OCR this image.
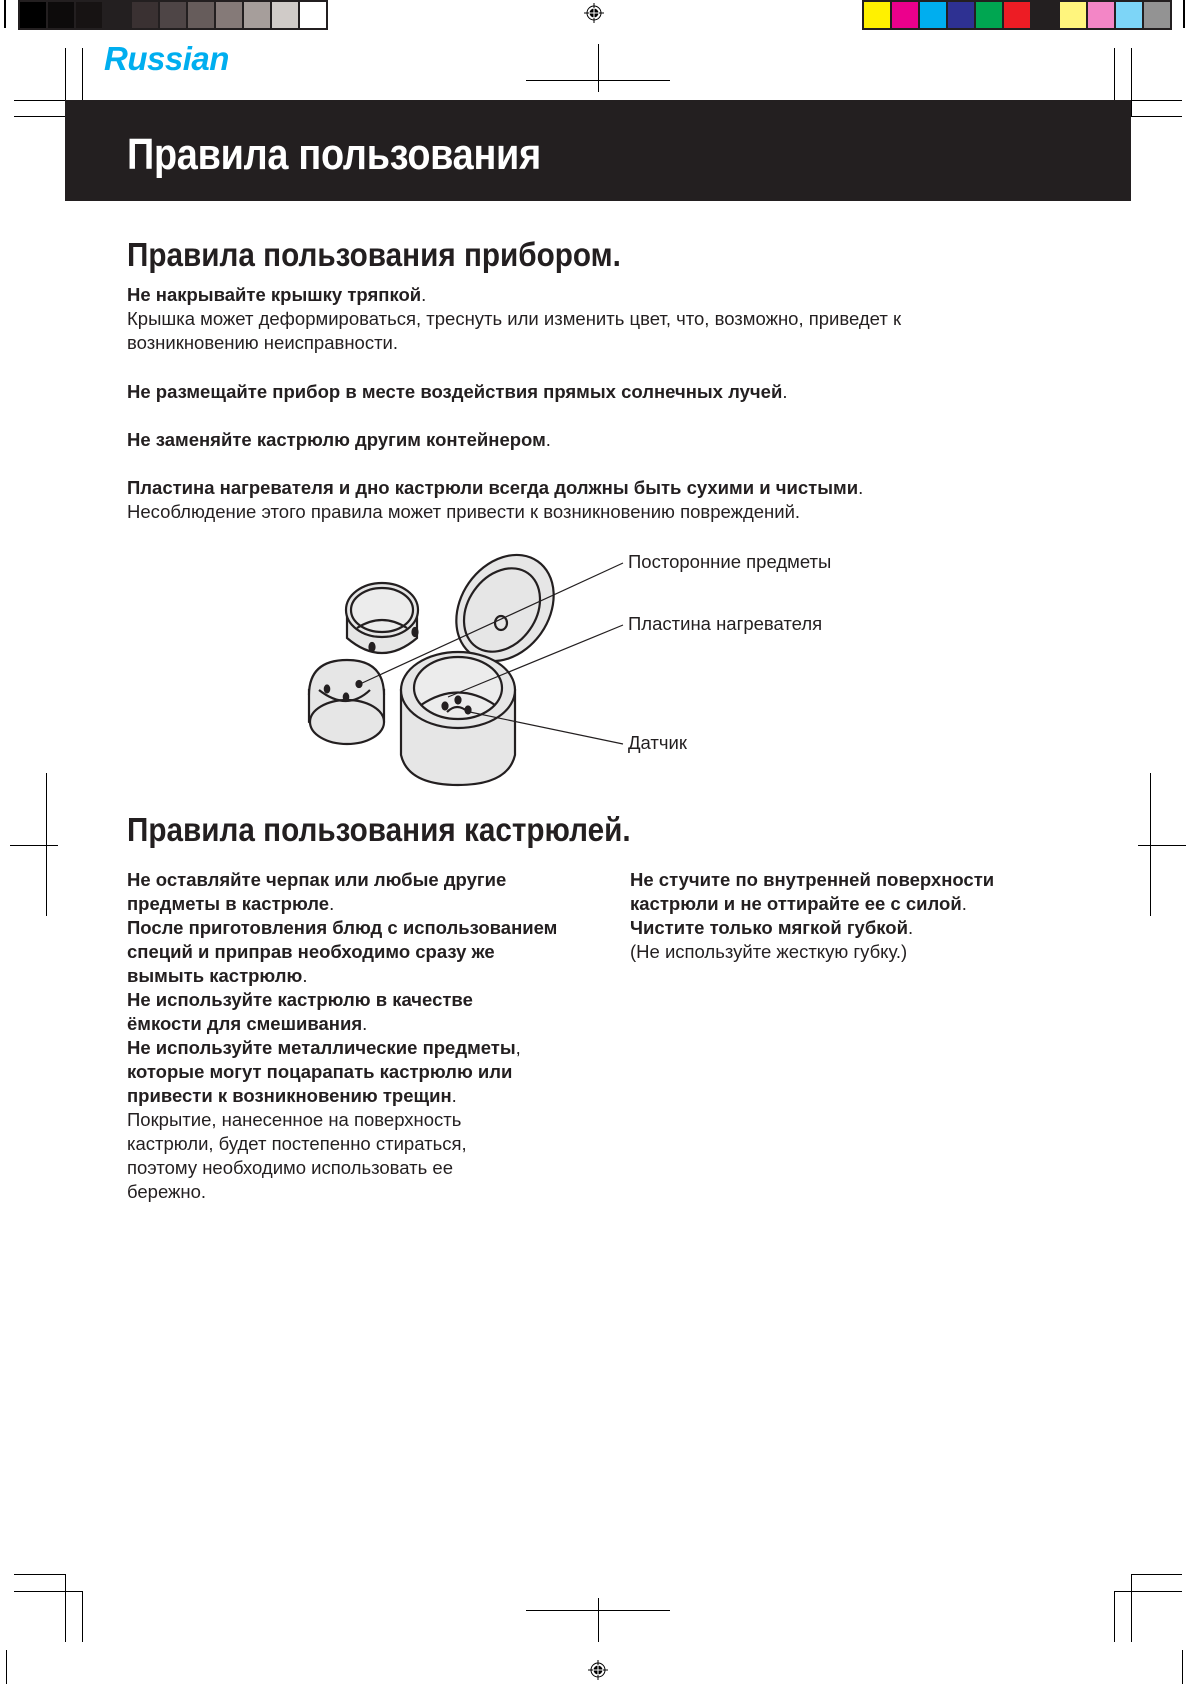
Russian
Правила пользования
Правила пользования прибором.
Не накрывайте крышку тряпкой.
Крышка может деформироваться, треснуть или изменить цвет, что, возможно, приведет к
возникновению неисправности.
Не размещайте прибор в месте воздействия прямых солнечных лучей.
Не заменяйте кастрюлю другим контейнером.
Пластина нагревателя и дно кастрюли всегда должны быть сухими и чистыми.
Несоблюдение этого правила может привести к возникновению повреждений.
Посторонние предметы
Пластина нагревателя
Датчик
Правила пользования кастрюлей.
Не оставляйте черпак или любые другие
предметы в кастрюле.
После приготовления блюд с использованием
специй и приправ необходимо сразу же
вымыть кастрюлю.
Не используйте кастрюлю в качестве
ёмкости для смешивания.
Не используйте металлические предметы,
которые могут поцарапать кастрюлю или
привести к возникновению трещин.
Покрытие, нанесенное на поверхность
кастрюли, будет постепенно стираться,
поэтому необходимо использовать ее
бережно.
Не стучите по внутренней поверхности
кастрюли и не оттирайте ее с силой.
Чистите только мягкой губкой.
(Не используйте жесткую губку.)
